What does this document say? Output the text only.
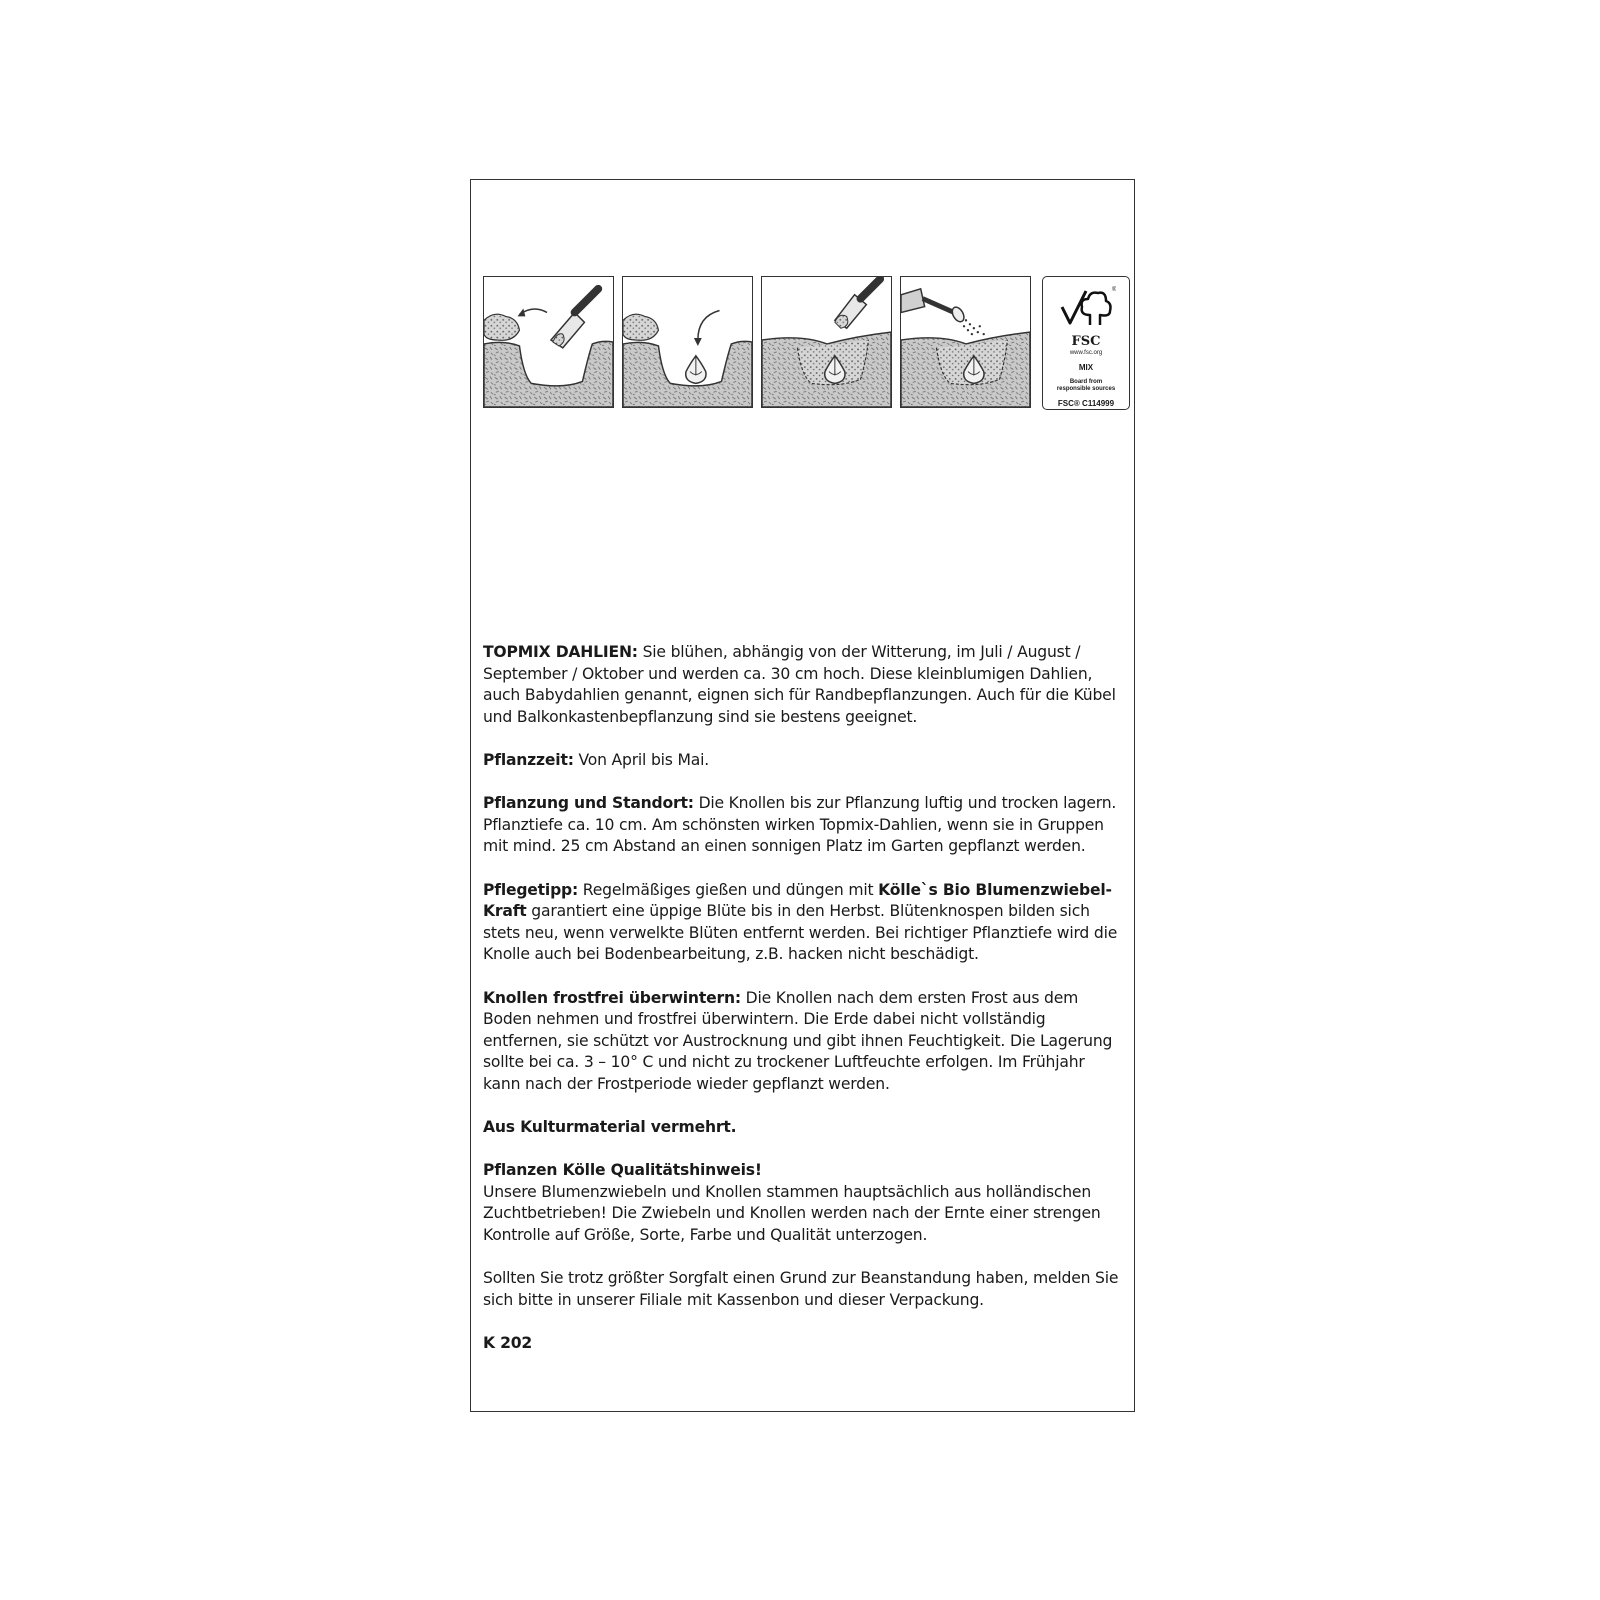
®
FSC
www.fsc.org
MIX
Board from
responsible sources
FSC® C114999

TOPMIX DAHLIEN: Sie blühen, abhängig von der Witterung, im Juli / August / September / Oktober und werden ca. 30 cm hoch. Diese kleinblumigen Dahlien, auch Babydahlien genannt, eignen sich für Randbepflanzungen. Auch für die Kübel und Balkonkastenbepflanzung sind sie bestens geeignet.

Pflanzzeit: Von April bis Mai.

Pflanzung und Standort: Die Knollen bis zur Pflanzung luftig und trocken lagern. Pflanztiefe ca. 10 cm. Am schönsten wirken Topmix-Dahlien, wenn sie in Gruppen mit mind. 25 cm Abstand an einen sonnigen Platz im Garten gepflanzt werden.

Pflegetipp: Regelmäßiges gießen und düngen mit Kölle`s Bio Blumenzwiebel-Kraft garantiert eine üppige Blüte bis in den Herbst. Blütenknospen bilden sich stets neu, wenn verwelkte Blüten entfernt werden. Bei richtiger Pflanztiefe wird die Knolle auch bei Bodenbearbeitung, z.B. hacken nicht beschädigt.

Knollen frostfrei überwintern: Die Knollen nach dem ersten Frost aus dem Boden nehmen und frostfrei überwintern. Die Erde dabei nicht vollständig entfernen, sie schützt vor Austrocknung und gibt ihnen Feuchtigkeit. Die Lagerung sollte bei ca. 3 – 10° C und nicht zu trockener Luftfeuchte erfolgen. Im Frühjahr kann nach der Frostperiode wieder gepflanzt werden.

Aus Kulturmaterial vermehrt.

Pflanzen Kölle Qualitätshinweis!
Unsere Blumenzwiebeln und Knollen stammen hauptsächlich aus holländischen Zuchtbetrieben! Die Zwiebeln und Knollen werden nach der Ernte einer strengen Kontrolle auf Größe, Sorte, Farbe und Qualität unterzogen.

Sollten Sie trotz größter Sorgfalt einen Grund zur Beanstandung haben, melden Sie sich bitte in unserer Filiale mit Kassenbon und dieser Verpackung.

K 202
